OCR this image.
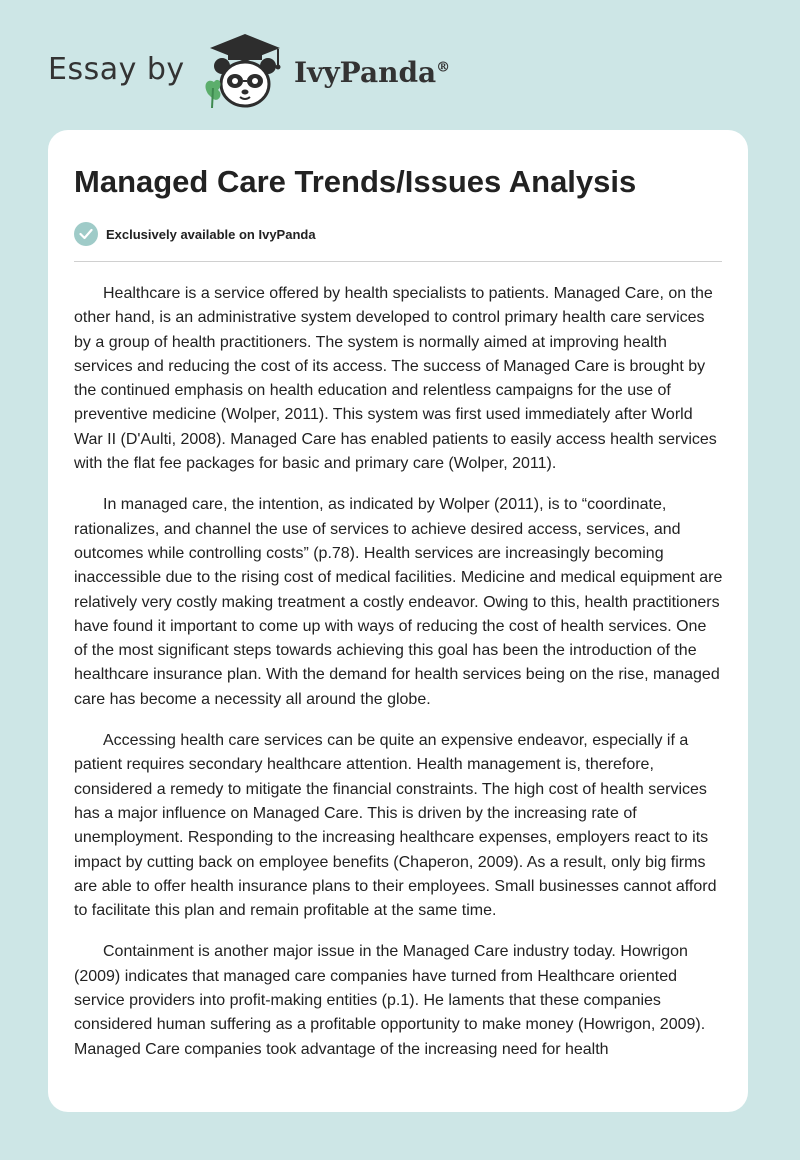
Essay by	IvyPanda®
Managed Care Trends/Issues Analysis
Exclusively available on IvyPanda

Healthcare is a service offered by health specialists to patients. Managed Care, on the other hand, is an administrative system developed to control primary health care services by a group of health practitioners. The system is normally aimed at improving health services and reducing the cost of its access. The success of Managed Care is brought by the continued emphasis on health education and relentless campaigns for the use of preventive medicine (Wolper, 2011). This system was first used immediately after World War II (D'Aulti, 2008). Managed Care has enabled patients to easily access health services with the flat fee packages for basic and primary care (Wolper, 2011).

In managed care, the intention, as indicated by Wolper (2011), is to “coordinate, rationalizes, and channel the use of services to achieve desired access, services, and outcomes while controlling costs” (p.78). Health services are increasingly becoming inaccessible due to the rising cost of medical facilities. Medicine and medical equipment are relatively very costly making treatment a costly endeavor. Owing to this, health practitioners have found it important to come up with ways of reducing the cost of health services. One of the most significant steps towards achieving this goal has been the introduction of the healthcare insurance plan. With the demand for health services being on the rise, managed care has become a necessity all around the globe.

Accessing health care services can be quite an expensive endeavor, especially if a patient requires secondary healthcare attention. Health management is, therefore, considered a remedy to mitigate the financial constraints. The high cost of health services has a major influence on Managed Care. This is driven by the increasing rate of unemployment. Responding to the increasing healthcare expenses, employers react to its impact by cutting back on employee benefits (Chaperon, 2009). As a result, only big firms are able to offer health insurance plans to their employees. Small businesses cannot afford to facilitate this plan and remain profitable at the same time.

Containment is another major issue in the Managed Care industry today. Howrigon (2009) indicates that managed care companies have turned from Healthcare oriented service providers into profit-making entities (p.1). He laments that these companies considered human suffering as a profitable opportunity to make money (Howrigon, 2009). Managed Care companies took advantage of the increasing need for health
